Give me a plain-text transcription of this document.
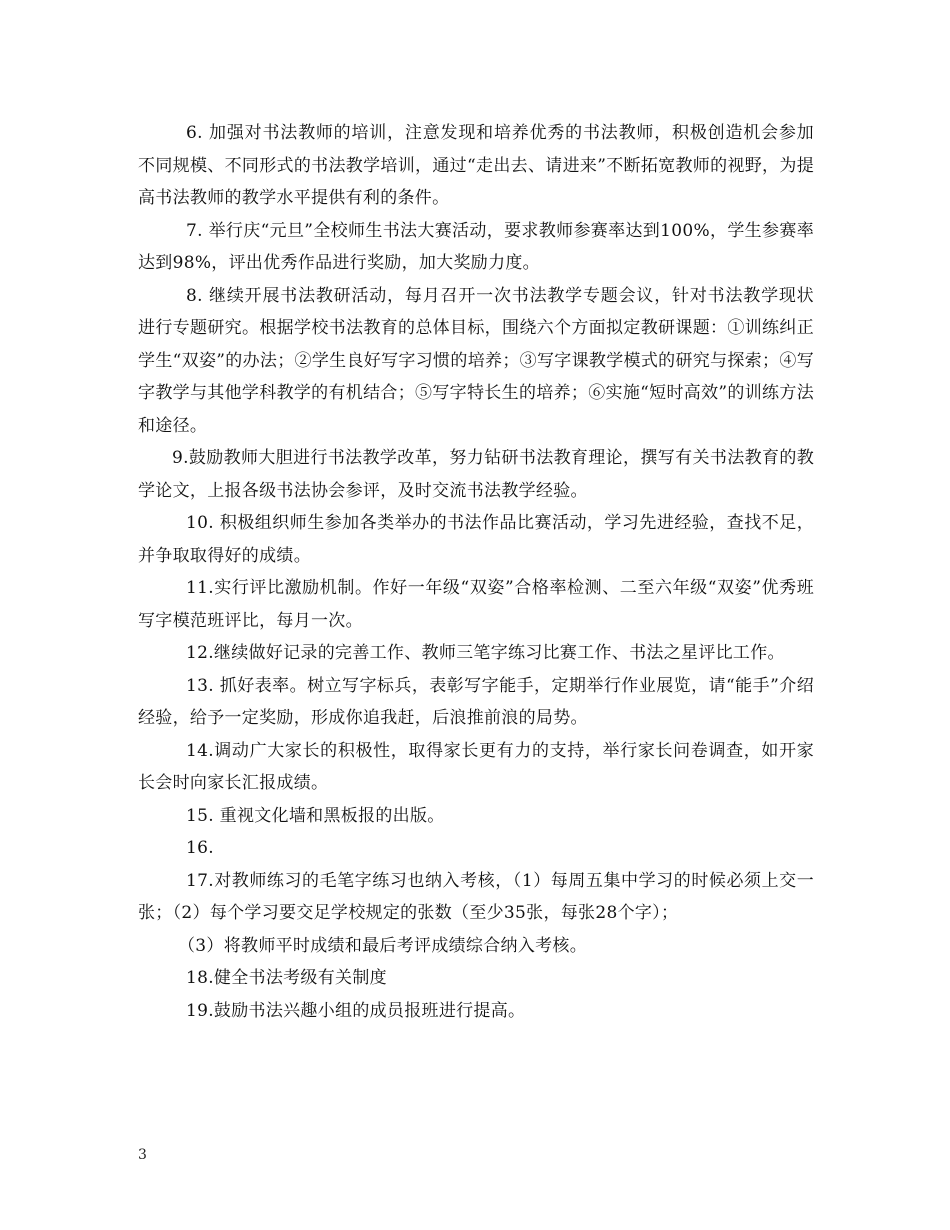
6. 加强对书法教师的培训，注意发现和培养优秀的书法教师，积极创造机会参加不同规模、不同形式的书法教学培训，通过“走出去、请进来”不断拓宽教师的视野，为提高书法教师的教学水平提供有利的条件。

7. 举行庆“元旦”全校师生书法大赛活动，要求教师参赛率达到100%，学生参赛率达到98%，评出优秀作品进行奖励，加大奖励力度。

8. 继续开展书法教研活动，每月召开一次书法教学专题会议，针对书法教学现状进行专题研究。根据学校书法教育的总体目标，围绕六个方面拟定教研课题：①训练纠正学生“双姿”的办法；②学生良好写字习惯的培养；③写字课教学模式的研究与探索；④写字教学与其他学科教学的有机结合；⑤写字特长生的培养；⑥实施“短时高效”的训练方法和途径。

9.鼓励教师大胆进行书法教学改革，努力钻研书法教育理论，撰写有关书法教育的教学论文，上报各级书法协会参评，及时交流书法教学经验。

10. 积极组织师生参加各类举办的书法作品比赛活动，学习先进经验，查找不足，并争取取得好的成绩。

11.实行评比激励机制。作好一年级“双姿”合格率检测、二至六年级“双姿”优秀班写字模范班评比，每月一次。

12.继续做好记录的完善工作、教师三笔字练习比赛工作、书法之星评比工作。

13. 抓好表率。树立写字标兵，表彰写字能手，定期举行作业展览，请“能手”介绍经验，给予一定奖励，形成你追我赶，后浪推前浪的局势。

14.调动广大家长的积极性，取得家长更有力的支持，举行家长问卷调查，如开家长会时向家长汇报成绩。

15. 重视文化墙和黑板报的出版。

16.

17.对教师练习的毛笔字练习也纳入考核，（1）每周五集中学习的时候必须上交一张；（2）每个学习要交足学校规定的张数（至少35张，每张28个字）；

（3）将教师平时成绩和最后考评成绩综合纳入考核。

18.健全书法考级有关制度

19.鼓励书法兴趣小组的成员报班进行提高。

3
